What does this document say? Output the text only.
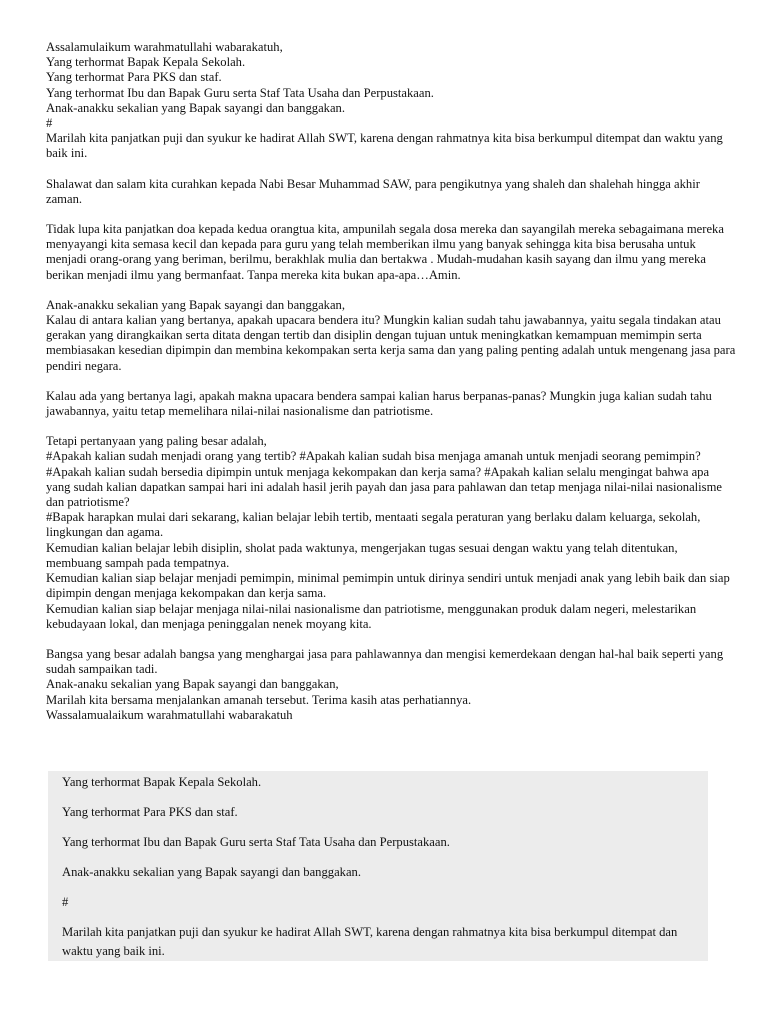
Assalamulaikum warahmatullahi wabarakatuh,
Yang terhormat Bapak Kepala Sekolah.
Yang terhormat Para PKS dan staf.
Yang terhormat Ibu dan Bapak Guru serta Staf Tata Usaha dan Perpustakaan.
Anak-anakku sekalian yang Bapak sayangi dan banggakan.
#
Marilah kita panjatkan puji dan syukur ke hadirat Allah SWT, karena dengan rahmatnya kita bisa berkumpul ditempat dan waktu yang baik ini.

Shalawat dan salam kita curahkan kepada Nabi Besar Muhammad SAW, para pengikutnya yang shaleh dan shalehah hingga akhir zaman.

Tidak lupa kita panjatkan doa kepada kedua orangtua kita, ampunilah segala dosa mereka dan sayangilah mereka sebagaimana mereka menyayangi kita semasa kecil dan kepada para guru yang telah memberikan ilmu yang banyak sehingga kita bisa berusaha untuk menjadi orang-orang yang beriman, berilmu, berakhlak mulia dan bertakwa . Mudah-mudahan kasih sayang dan ilmu yang mereka berikan menjadi ilmu yang bermanfaat. Tanpa mereka kita bukan apa-apa…Amin.

Anak-anakku sekalian yang Bapak sayangi dan banggakan,
Kalau di antara kalian yang bertanya, apakah upacara bendera itu? Mungkin kalian sudah tahu jawabannya, yaitu segala tindakan atau gerakan yang dirangkaikan serta ditata dengan tertib dan disiplin dengan tujuan untuk meningkatkan kemampuan memimpin serta membiasakan kesedian dipimpin dan membina kekompakan serta kerja sama dan yang paling penting adalah untuk mengenang jasa para pendiri negara.

Kalau ada yang bertanya lagi, apakah makna upacara bendera sampai kalian harus berpanas-panas? Mungkin juga kalian sudah tahu jawabannya, yaitu tetap memelihara nilai-nilai nasionalisme dan patriotisme.

Tetapi pertanyaan yang paling besar adalah,
#Apakah kalian sudah menjadi orang yang tertib? #Apakah kalian sudah bisa menjaga amanah untuk menjadi seorang pemimpin? #Apakah kalian sudah bersedia dipimpin untuk menjaga kekompakan dan kerja sama? #Apakah kalian selalu mengingat bahwa apa yang sudah kalian dapatkan sampai hari ini adalah hasil jerih payah dan jasa para pahlawan dan tetap menjaga nilai-nilai nasionalisme dan patriotisme?
#Bapak harapkan mulai dari sekarang, kalian belajar lebih tertib, mentaati segala peraturan yang berlaku dalam keluarga, sekolah, lingkungan dan agama.
Kemudian kalian belajar lebih disiplin, sholat pada waktunya, mengerjakan tugas sesuai dengan waktu yang telah ditentukan, membuang sampah pada tempatnya.
Kemudian kalian siap belajar menjadi pemimpin, minimal pemimpin untuk dirinya sendiri untuk menjadi anak yang lebih baik dan siap dipimpin dengan menjaga kekompakan dan kerja sama.
Kemudian kalian siap belajar menjaga nilai-nilai nasionalisme dan patriotisme, menggunakan produk dalam negeri, melestarikan kebudayaan lokal, dan menjaga peninggalan nenek moyang kita.

Bangsa yang besar adalah bangsa yang menghargai jasa para pahlawannya dan mengisi kemerdekaan dengan hal-hal baik seperti yang sudah sampaikan tadi.
Anak-anaku sekalian yang Bapak sayangi dan banggakan,
Marilah kita bersama menjalankan amanah tersebut. Terima kasih atas perhatiannya.
Wassalamualaikum warahmatullahi wabarakatuh

Yang terhormat Bapak Kepala Sekolah.

Yang terhormat Para PKS dan staf.

Yang terhormat Ibu dan Bapak Guru serta Staf Tata Usaha dan Perpustakaan.

Anak-anakku sekalian yang Bapak sayangi dan banggakan.

#

Marilah kita panjatkan puji dan syukur ke hadirat Allah SWT, karena dengan rahmatnya kita bisa berkumpul ditempat dan waktu yang baik ini.
